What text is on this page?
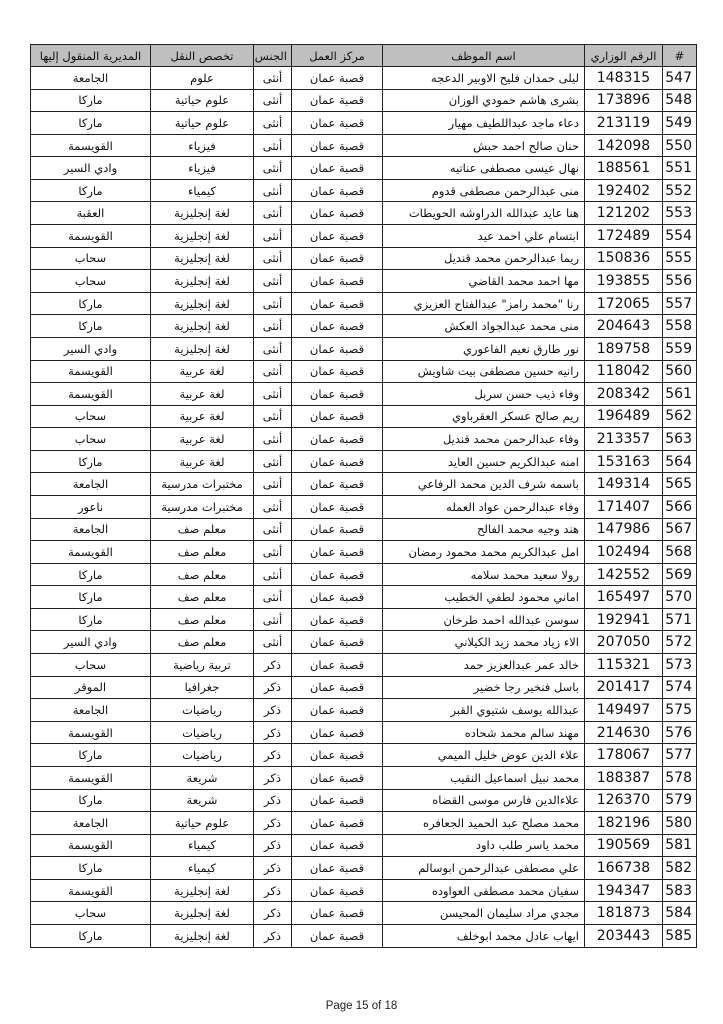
#	الرقم الوزاري	اسم الموظف	مركز العمل	الجنس	تخصص النقل	المديرية المنقول إليها
547	148315	ليلى حمدان فليح الاوبير الدعجه	قصبة عمان	أنثى	علوم	الجامعة
548	173896	بشرى هاشم حمودي الوزان	قصبة عمان	أنثى	علوم حياتية	ماركا
549	213119	دعاء ماجد عبداللطيف مهيار	قصبة عمان	أنثى	علوم حياتية	ماركا
550	142098	حنان صالح احمد حبش	قصبة عمان	أنثى	فيزياء	القويسمة
551	188561	نهال عيسى مصطفى عناتيه	قصبة عمان	أنثى	فيزياء	وادي السير
552	192402	منى عبدالرحمن مصطفى قدوم	قصبة عمان	أنثى	كيمياء	ماركا
553	121202	هنا عايد عبدالله الدراوشه الحويطات	قصبة عمان	أنثى	لغة إنجليزية	العقبة
554	172489	ابتسام علي احمد عيد	قصبة عمان	أنثى	لغة إنجليزية	القويسمة
555	150836	ريما عبدالرحمن محمد قنديل	قصبة عمان	أنثى	لغة إنجليزية	سحاب
556	193855	مها احمد محمد القاضي	قصبة عمان	أنثى	لغة إنجليزية	سحاب
557	172065	رنا "محمد رامز" عبدالفتاح العزيزي	قصبة عمان	أنثى	لغة إنجليزية	ماركا
558	204643	منى محمد عبدالجواد العكش	قصبة عمان	أنثى	لغة إنجليزية	ماركا
559	189758	نور طارق نعيم الفاعوري	قصبة عمان	أنثى	لغة إنجليزية	وادي السير
560	118042	رانيه حسين مصطفى بيت شاويش	قصبة عمان	أنثى	لغة عربية	القويسمة
561	208342	وفاء ذيب حسن سربل	قصبة عمان	أنثى	لغة عربية	القويسمة
562	196489	ريم صالح عسكر العقرباوي	قصبة عمان	أنثى	لغة عربية	سحاب
563	213357	وفاء عبدالرحمن محمد قنديل	قصبة عمان	أنثى	لغة عربية	سحاب
564	153163	امنه عبدالكريم حسين العايد	قصبة عمان	أنثى	لغة عربية	ماركا
565	149314	باسمه شرف الدين محمد الرفاعي	قصبة عمان	أنثى	مختبرات مدرسية	الجامعة
566	171407	وفاء عبدالرحمن عواد العمله	قصبة عمان	أنثى	مختبرات مدرسية	ناعور
567	147986	هند وجيه محمد الفالح	قصبة عمان	أنثى	معلم صف	الجامعة
568	102494	امل عبدالكريم محمد محمود رمضان	قصبة عمان	أنثى	معلم صف	القويسمة
569	142552	رولا سعيد محمد سلامه	قصبة عمان	أنثى	معلم صف	ماركا
570	165497	اماني محمود لطفي الخطيب	قصبة عمان	أنثى	معلم صف	ماركا
571	192941	سوسن عبدالله احمد طرخان	قصبة عمان	أنثى	معلم صف	ماركا
572	207050	الاء زياد محمد زيد الكيلاني	قصبة عمان	أنثى	معلم صف	وادي السير
573	115321	خالد عمر عبدالعزيز حمد	قصبة عمان	ذكر	تربية رياضية	سحاب
574	201417	باسل فنخير رجا خضير	قصبة عمان	ذكر	جغرافيا	الموقر
575	149497	عبدالله يوسف شتيوي القبر	قصبة عمان	ذكر	رياضيات	الجامعة
576	214630	مهند سالم محمد شحاده	قصبة عمان	ذكر	رياضيات	القويسمة
577	178067	علاء الدين عوض خليل الميمي	قصبة عمان	ذكر	رياضيات	ماركا
578	188387	محمد نبيل اسماعيل النقيب	قصبة عمان	ذكر	شريعة	القويسمة
579	126370	علاءالدين فارس موسى القضاه	قصبة عمان	ذكر	شريعة	ماركا
580	182196	محمد مصلح عبد الحميد الجعافره	قصبة عمان	ذكر	علوم حياتية	الجامعة
581	190569	محمد ياسر طلب داود	قصبة عمان	ذكر	كيمياء	القويسمة
582	166738	علي مصطفى عبدالرحمن ابوسالم	قصبة عمان	ذكر	كيمياء	ماركا
583	194347	سفيان محمد مصطفى العواوده	قصبة عمان	ذكر	لغة إنجليزية	القويسمة
584	181873	مجدي مراد سليمان المحيسن	قصبة عمان	ذكر	لغة إنجليزية	سحاب
585	203443	ايهاب عادل محمد ابوخلف	قصبة عمان	ذكر	لغة إنجليزية	ماركا
Page 15 of 18
